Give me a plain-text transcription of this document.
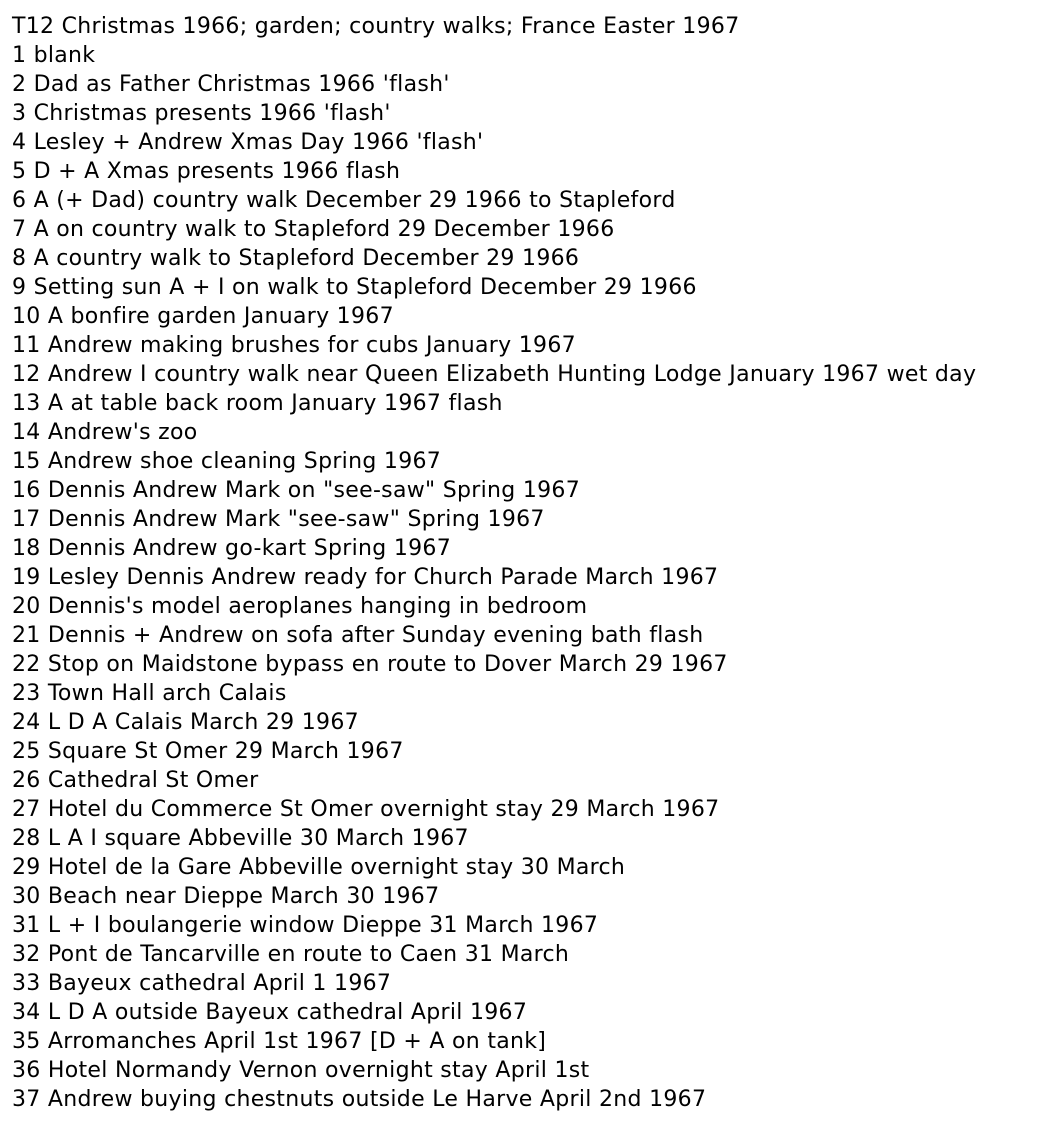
T12 Christmas 1966; garden; country walks; France Easter 1967
1 blank
2 Dad as Father Christmas 1966 'flash'
3 Christmas presents 1966 'flash'
4 Lesley + Andrew Xmas Day 1966 'flash'
5 D + A Xmas presents 1966 flash
6 A (+ Dad) country walk December 29 1966 to Stapleford
7 A on country walk to Stapleford 29 December 1966
8 A country walk to Stapleford December 29 1966
9 Setting sun A + I on walk to Stapleford December 29 1966
10 A bonfire garden January 1967
11 Andrew making brushes for cubs January 1967
12 Andrew I country walk near Queen Elizabeth Hunting Lodge January 1967 wet day
13 A at table back room January 1967 flash
14 Andrew's zoo
15 Andrew shoe cleaning Spring 1967
16 Dennis Andrew Mark on "see-saw" Spring 1967
17 Dennis Andrew Mark "see-saw" Spring 1967
18 Dennis Andrew go-kart Spring 1967
19 Lesley Dennis Andrew ready for Church Parade March 1967
20 Dennis's model aeroplanes hanging in bedroom
21 Dennis + Andrew on sofa after Sunday evening bath flash
22 Stop on Maidstone bypass en route to Dover March 29 1967
23 Town Hall arch Calais
24 L D A Calais March 29 1967
25 Square St Omer 29 March 1967
26 Cathedral St Omer
27 Hotel du Commerce St Omer overnight stay 29 March 1967
28 L A I square Abbeville 30 March 1967
29 Hotel de la Gare Abbeville overnight stay 30 March
30 Beach near Dieppe March 30 1967
31 L + I boulangerie window Dieppe 31 March 1967
32 Pont de Tancarville en route to Caen 31 March
33 Bayeux cathedral April 1 1967
34 L D A outside Bayeux cathedral April 1967
35 Arromanches April 1st 1967 [D + A on tank]
36 Hotel Normandy Vernon overnight stay April 1st
37 Andrew buying chestnuts outside Le Harve April 2nd 1967
